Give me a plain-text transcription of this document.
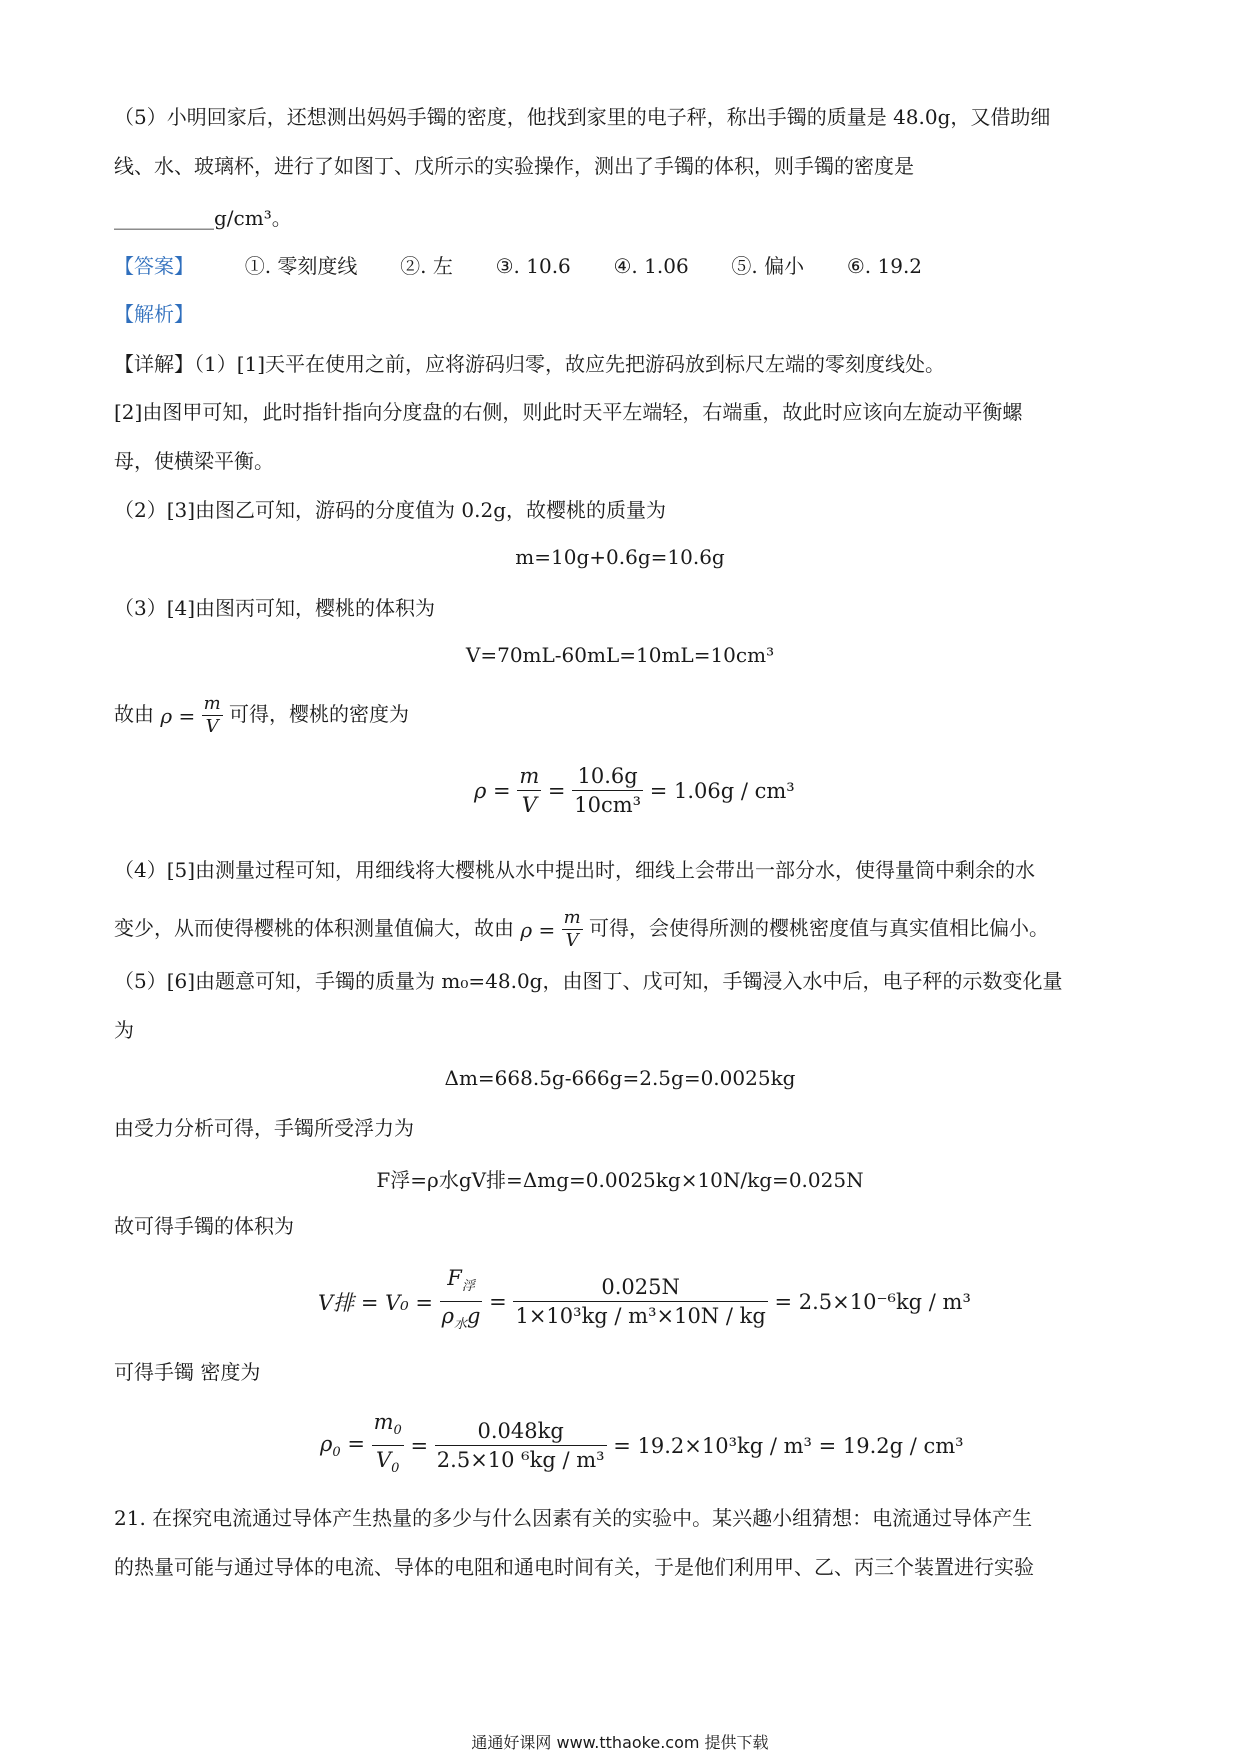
（5）小明回家后，还想测出妈妈手镯的密度，他找到家里的电子秤，称出手镯的质量是 48.0g，又借助细
线、水、玻璃杯，进行了如图丁、戊所示的实验操作，测出了手镯的体积，则手镯的密度是
__________g/cm³。
【答案】	①. 零刻度线 ②. 左 ③. 10.6 ④. 1.06 ⑤. 偏小 ⑥. 19.2
【解析】
【详解】（1）[1]天平在使用之前，应将游码归零，故应先把游码放到标尺左端的零刻度线处。
[2]由图甲可知，此时指针指向分度盘的右侧，则此时天平左端轻，右端重，故此时应该向左旋动平衡螺
母，使横梁平衡。
（2）[3]由图乙可知，游码的分度值为 0.2g，故樱桃的质量为
m=10g+0.6g=10.6g
（3）[4]由图丙可知，樱桃的体积为
V=70mL-60mL=10mL=10cm³
故由 $\rho = \frac{m}{V}$ 可得，樱桃的密度为
$\rho = \frac{m}{V} = \frac{10.6g}{\text{10cm³}} = 1.06g / cm^3$
（4）[5]由测量过程可知，用细线将大樱桃从水中提出时，细线上会带出一部分水，使得量筒中剩余的水
变少，从而使得樱桃的体积测量值偏大，故由 $\rho = \frac{m}{V}$ 可得，会使得所测的樱桃密度值与真实值相比偏小。
（5）[6]由题意可知，手镯的质量为 m₀=48.0g，由图丁、戊可知，手镯浸入水中后，电子秤的示数变化量
为
Δm=668.5g-666g=2.5g=0.0025kg
由受力分析可得，手镯所受浮力为
F浮=ρ水gV排=Δmg=0.0025kg×10N/kg=0.025N
故可得手镯的体积为
V排 = $V_0 = \frac{F_浮}{\rho_水g} = \frac{0.025N}{\text{1×10³kg / m³×10N / kg}} = 2.5\times 10^{-6}kg / m^3$
可得手镯 密度为
$\rho_0 = \frac{m_0}{V_0} = \frac{0.048kg}{\text{2.5×10 ⁶kg / m³}} = 19.2\times 10^3kg / m^3 = 19.2g / cm^3$
21. 在探究电流通过导体产生热量的多少与什么因素有关的实验中。某兴趣小组猜想：电流通过导体产生
的热量可能与通过导体的电流、导体的电阻和通电时间有关，于是他们利用甲、乙、丙三个装置进行实验
通通好课网 www.tthaoke.com 提供下载
